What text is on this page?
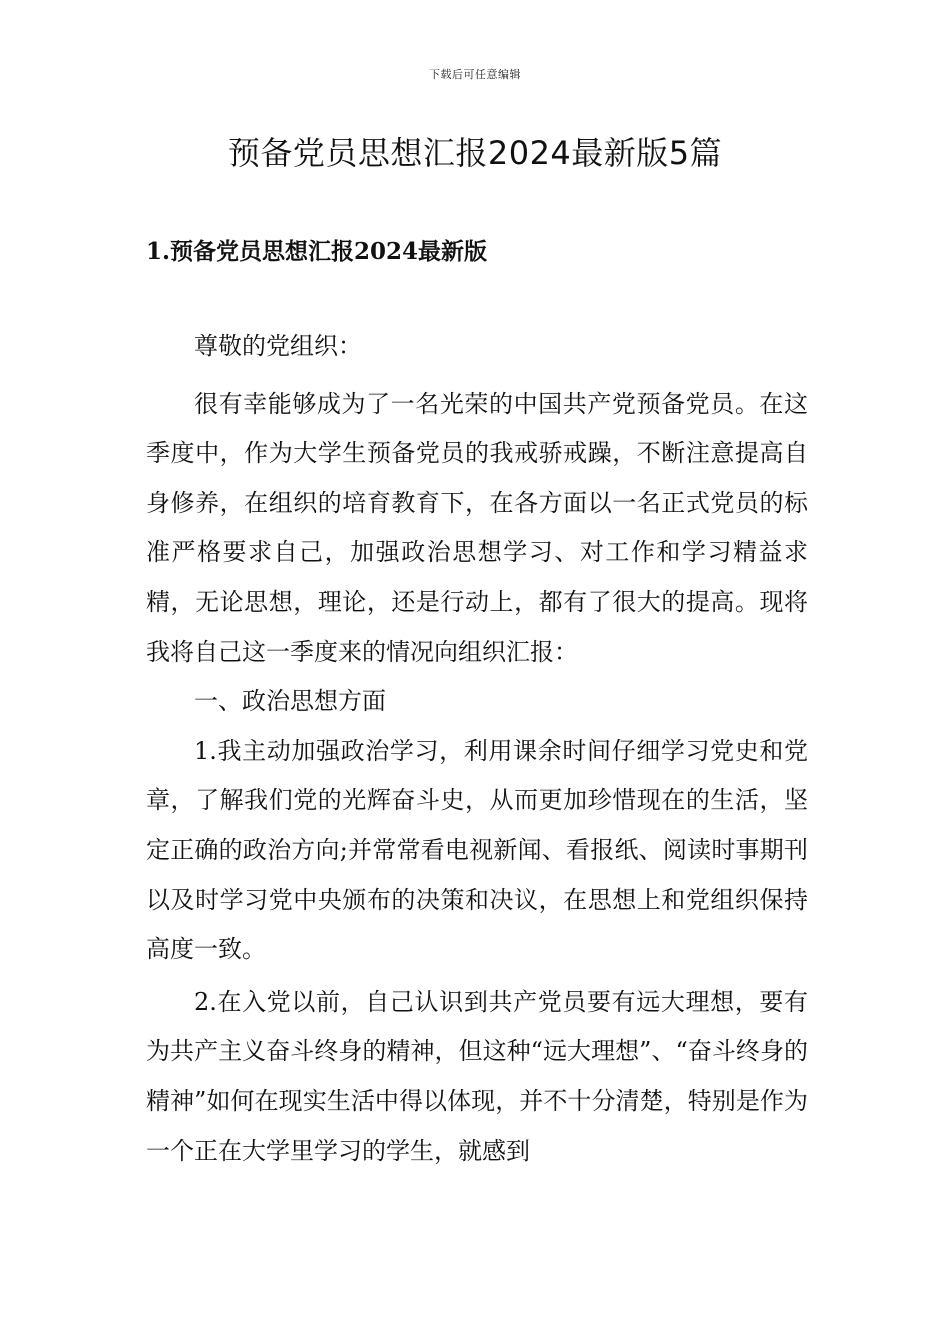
下载后可任意编辑
预备党员思想汇报2024最新版5篇
1.预备党员思想汇报2024最新版

尊敬的党组织：

很有幸能够成为了一名光荣的中国共产党预备党员。在这季度中，作为大学生预备党员的我戒骄戒躁，不断注意提高自身修养，在组织的培育教育下，在各方面以一名正式党员的标准严格要求自己，加强政治思想学习、对工作和学习精益求精，无论思想，理论，还是行动上，都有了很大的提高。现将我将自己这一季度来的情况向组织汇报：

一、政治思想方面

1.我主动加强政治学习，利用课余时间仔细学习党史和党章，了解我们党的光辉奋斗史，从而更加珍惜现在的生活，坚定正确的政治方向;并常常看电视新闻、看报纸、阅读时事期刊以及时学习党中央颁布的决策和决议，在思想上和党组织保持高度一致。

2.在入党以前，自己认识到共产党员要有远大理想，要有为共产主义奋斗终身的精神，但这种“远大理想”、“奋斗终身的精神”如何在现实生活中得以体现，并不十分清楚，特别是作为一个正在大学里学习的学生，就感到
